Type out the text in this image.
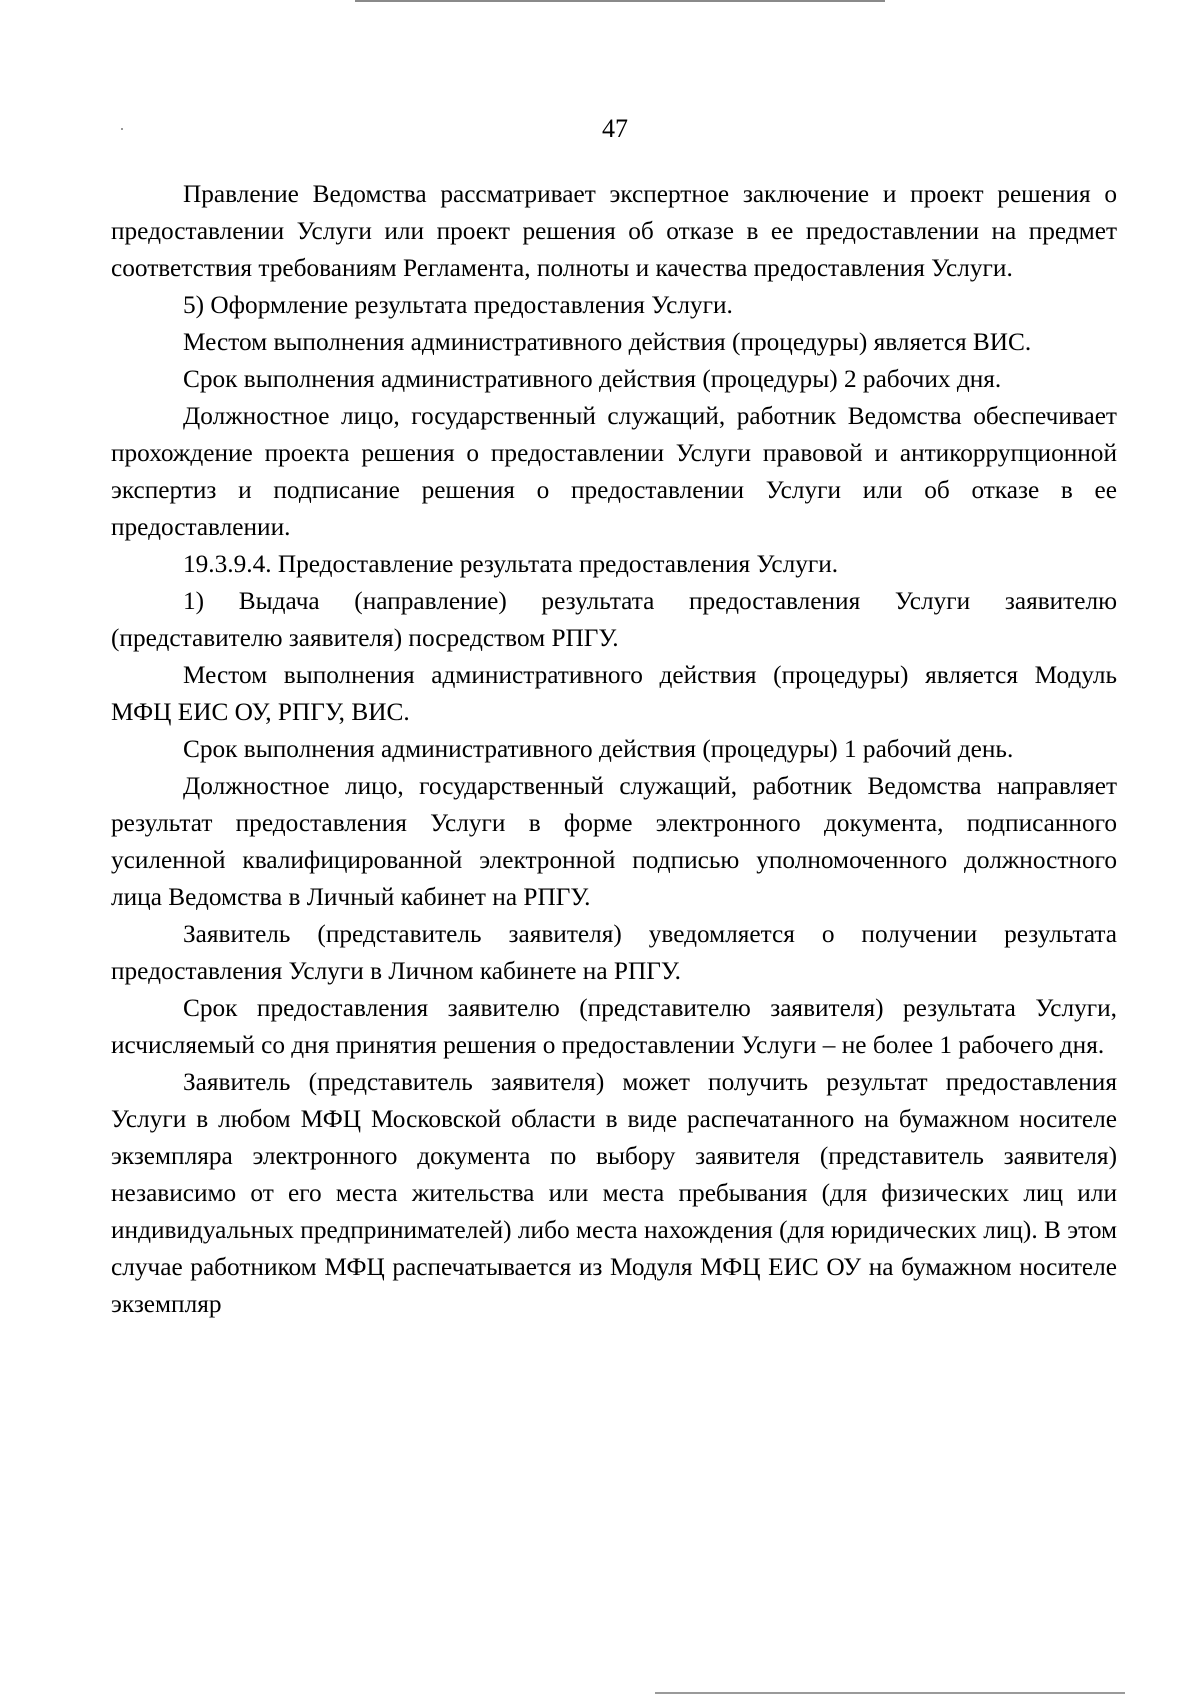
47

Правление Ведомства рассматривает экспертное заключение и проект решения о предоставлении Услуги или проект решения об отказе в ее предоставлении на предмет соответствия требованиям Регламента, полноты и качества предоставления Услуги.

5) Оформление результата предоставления Услуги.

Местом выполнения административного действия (процедуры) является ВИС.

Срок выполнения административного действия (процедуры) 2 рабочих дня.

Должностное лицо, государственный служащий, работник Ведомства обеспечивает прохождение проекта решения о предоставлении Услуги правовой и антикоррупционной экспертиз и подписание решения о предоставлении Услуги или об отказе в ее предоставлении.

19.3.9.4. Предоставление результата предоставления Услуги.

1) Выдача (направление) результата предоставления Услуги заявителю (представителю заявителя) посредством РПГУ.

Местом выполнения административного действия (процедуры) является Модуль МФЦ ЕИС ОУ, РПГУ, ВИС.

Срок выполнения административного действия (процедуры) 1 рабочий день.

Должностное лицо, государственный служащий, работник Ведомства направляет результат предоставления Услуги в форме электронного документа, подписанного усиленной квалифицированной электронной подписью уполномоченного должностного лица Ведомства в Личный кабинет на РПГУ.

Заявитель (представитель заявителя) уведомляется о получении результата предоставления Услуги в Личном кабинете на РПГУ.

Срок предоставления заявителю (представителю заявителя) результата Услуги, исчисляемый со дня принятия решения о предоставлении Услуги – не более 1 рабочего дня.

Заявитель (представитель заявителя) может получить результат предоставления Услуги в любом МФЦ Московской области в виде распечатанного на бумажном носителе экземпляра электронного документа по выбору заявителя (представитель заявителя) независимо от его места жительства или места пребывания (для физических лиц или индивидуальных предпринимателей) либо места нахождения (для юридических лиц). В этом случае работником МФЦ распечатывается из Модуля МФЦ ЕИС ОУ на бумажном носителе экземпляр
